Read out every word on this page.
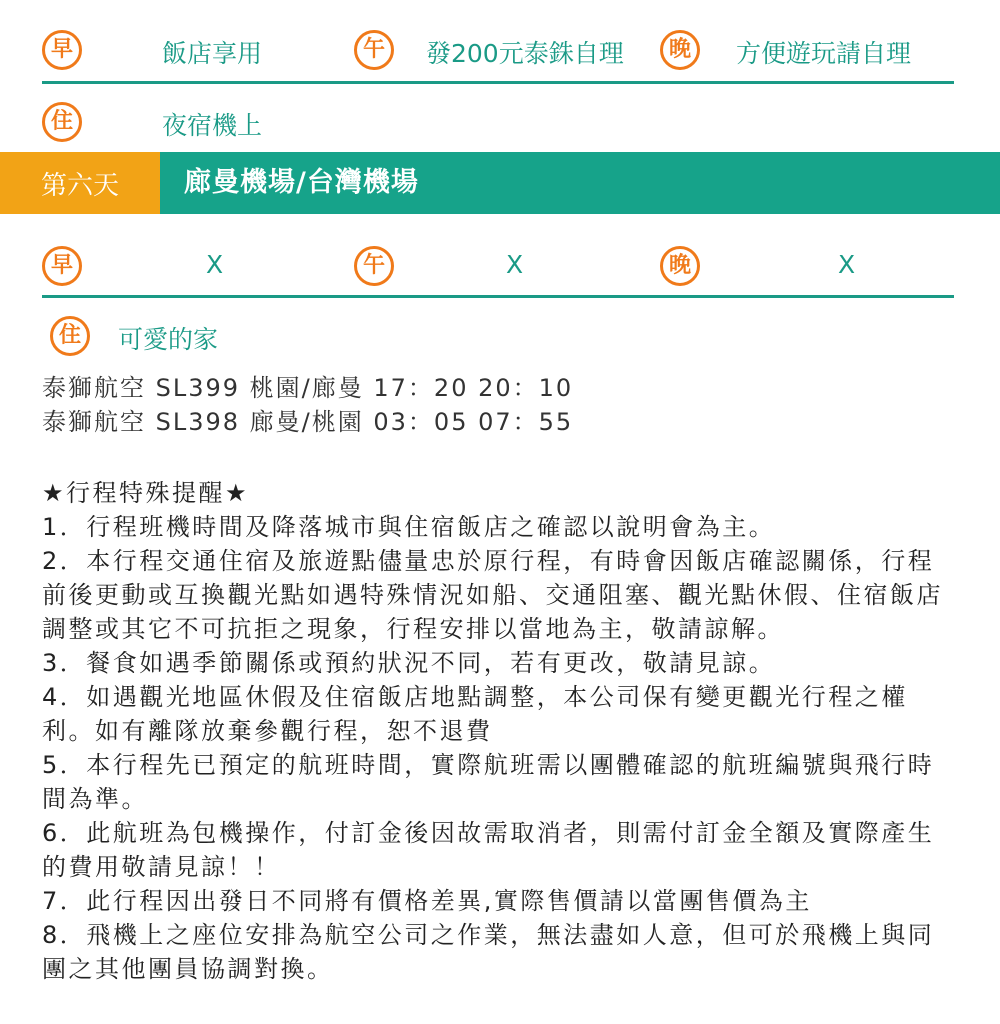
早	飯店享用	午	發200元泰銖自理	晚	方便遊玩請自理
住	夜宿機上
第六天	廊曼機場/台灣機場
早	X	午	X	晚	X
住	可愛的家
泰獅航空 SL399 桃園/廊曼 17：20 20：10
泰獅航空 SL398 廊曼/桃園 03：05 07：55

★行程特殊提醒★

1．行程班機時間及降落城市與住宿飯店之確認以說明會為主。

2．本行程交通住宿及旅遊點儘量忠於原行程，有時會因飯店確認關係，行程前後更動或互換觀光點如遇特殊情況如船、交通阻塞、觀光點休假、住宿飯店調整或其它不可抗拒之現象，行程安排以當地為主，敬請諒解。

3．餐食如遇季節關係或預約狀況不同，若有更改，敬請見諒。

4．如遇觀光地區休假及住宿飯店地點調整，本公司保有變更觀光行程之權利。如有離隊放棄參觀行程，恕不退費

5．本行程先已預定的航班時間，實際航班需以團體確認的航班編號與飛行時間為準。

6．此航班為包機操作，付訂金後因故需取消者，則需付訂金全額及實際產生的費用敬請見諒！！

7．此行程因出發日不同將有價格差異,實際售價請以當團售價為主

8．飛機上之座位安排為航空公司之作業，無法盡如人意，但可於飛機上與同團之其他團員協調對換。
